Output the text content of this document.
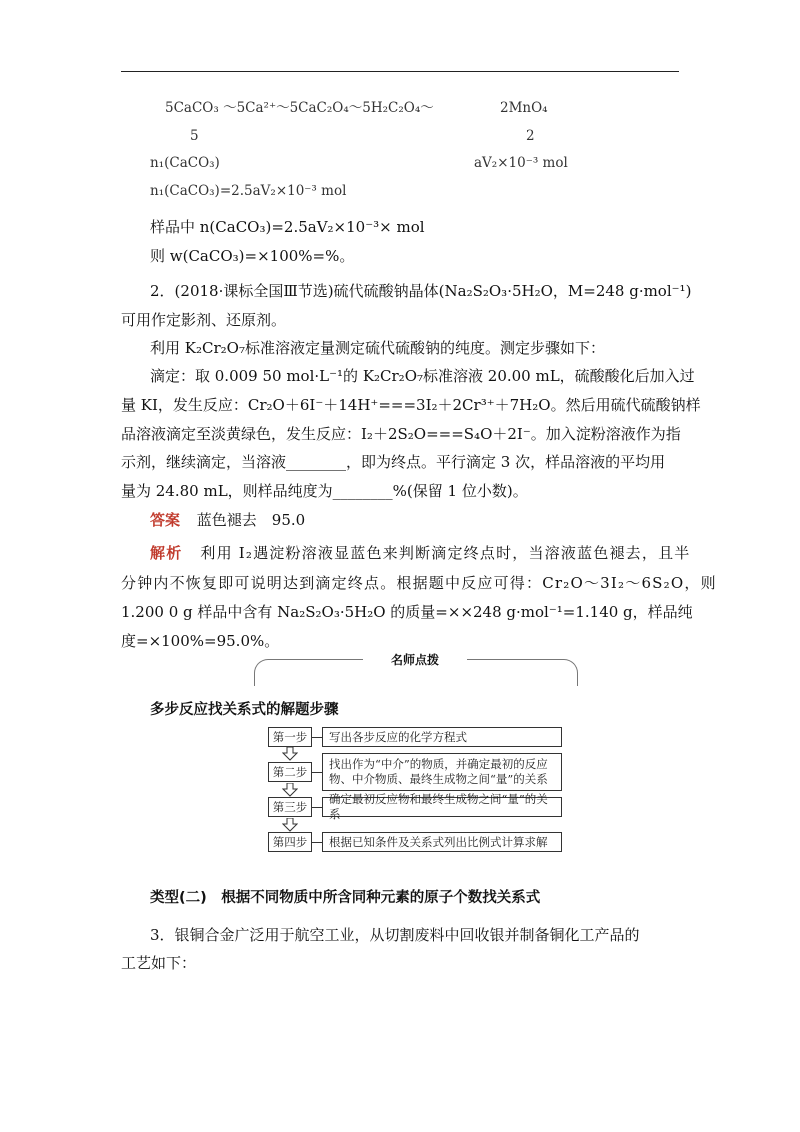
5CaCO₃ ～5Ca²⁺～5CaC₂O₄～5H₂C₂O₄～	2MnO₄
5	2
n₁(CaCO₃)	aV₂×10⁻³ mol
n₁(CaCO₃)=2.5aV₂×10⁻³ mol
样品中 n(CaCO₃)=2.5aV₂×10⁻³× mol
则 w(CaCO₃)=×100%=%。
2．(2018·课标全国Ⅲ节选)硫代硫酸钠晶体(Na₂S₂O₃·5H₂O，M=248 g·mol⁻¹)
可用作定影剂、还原剂。
利用 K₂Cr₂O₇标准溶液定量测定硫代硫酸钠的纯度。测定步骤如下：
滴定：取 0.009 50 mol·L⁻¹的 K₂Cr₂O₇标准溶液 20.00 mL，硫酸酸化后加入过
量 KI，发生反应：Cr₂O＋6I⁻＋14H⁺===3I₂＋2Cr³⁺＋7H₂O。然后用硫代硫酸钠样
品溶液滴定至淡黄绿色，发生反应：I₂＋2S₂O===S₄O＋2I⁻。加入淀粉溶液作为指
示剂，继续滴定，当溶液________，即为终点。平行滴定 3 次，样品溶液的平均用
量为 24.80 mL，则样品纯度为________%(保留 1 位小数)。
答案 蓝色褪去　95.0
解析 利用 I₂遇淀粉溶液显蓝色来判断滴定终点时，当溶液蓝色褪去，且半
分钟内不恢复即可说明达到滴定终点。根据题中反应可得：Cr₂O～3I₂～6S₂O，则
1.200 0 g 样品中含有 Na₂S₂O₃·5H₂O 的质量=××248 g·mol⁻¹=1.140 g，样品纯
度=×100%=95.0%。
名师点拨
多步反应找关系式的解题步骤
第一步	写出各步反应的化学方程式
第二步
找出作为“中介”的物质，并确定最初的反应
物、中介物质、最终生成物之间“量”的关系
第三步
确定最初反应物和最终生成物之间“量”的关系
第四步	根据已知条件及关系式列出比例式计算求解
类型(二)　根据不同物质中所含同种元素的原子个数找关系式
3．银铜合金广泛用于航空工业，从切割废料中回收银并制备铜化工产品的
工艺如下：
